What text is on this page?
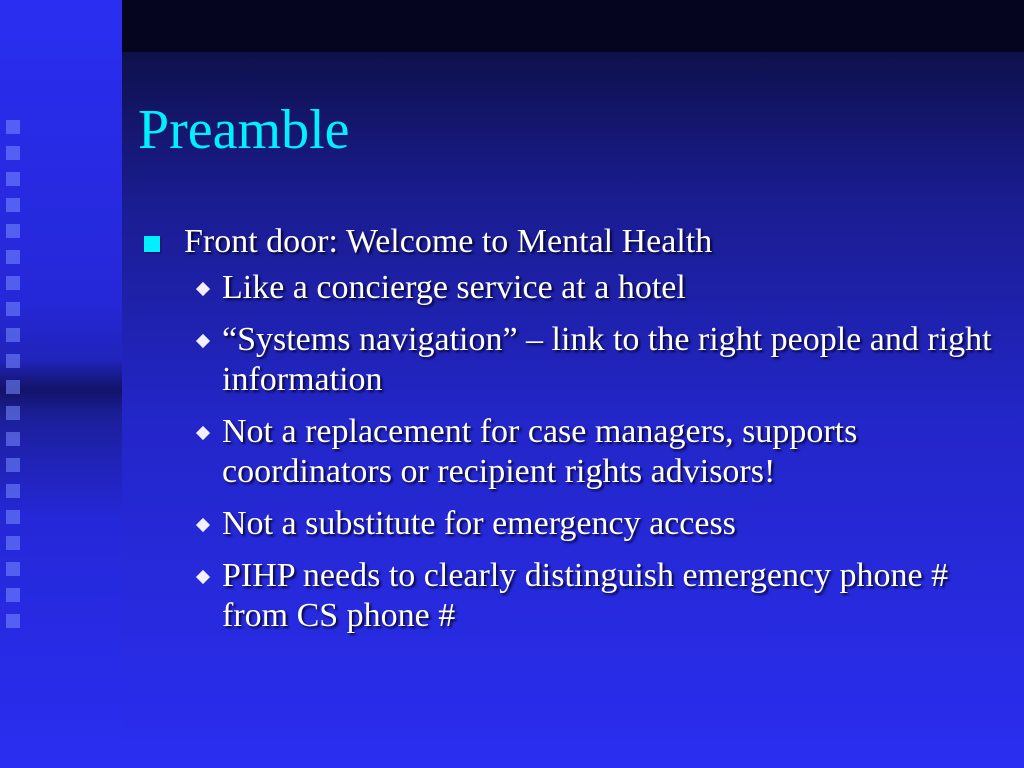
Preamble
Front door: Welcome to Mental Health
Like a concierge service at a hotel
“Systems navigation” – link to the right people and right information
Not a replacement for case managers, supports coordinators or recipient rights advisors!
Not a substitute for emergency access
PIHP needs to clearly distinguish emergency phone # from CS phone #
